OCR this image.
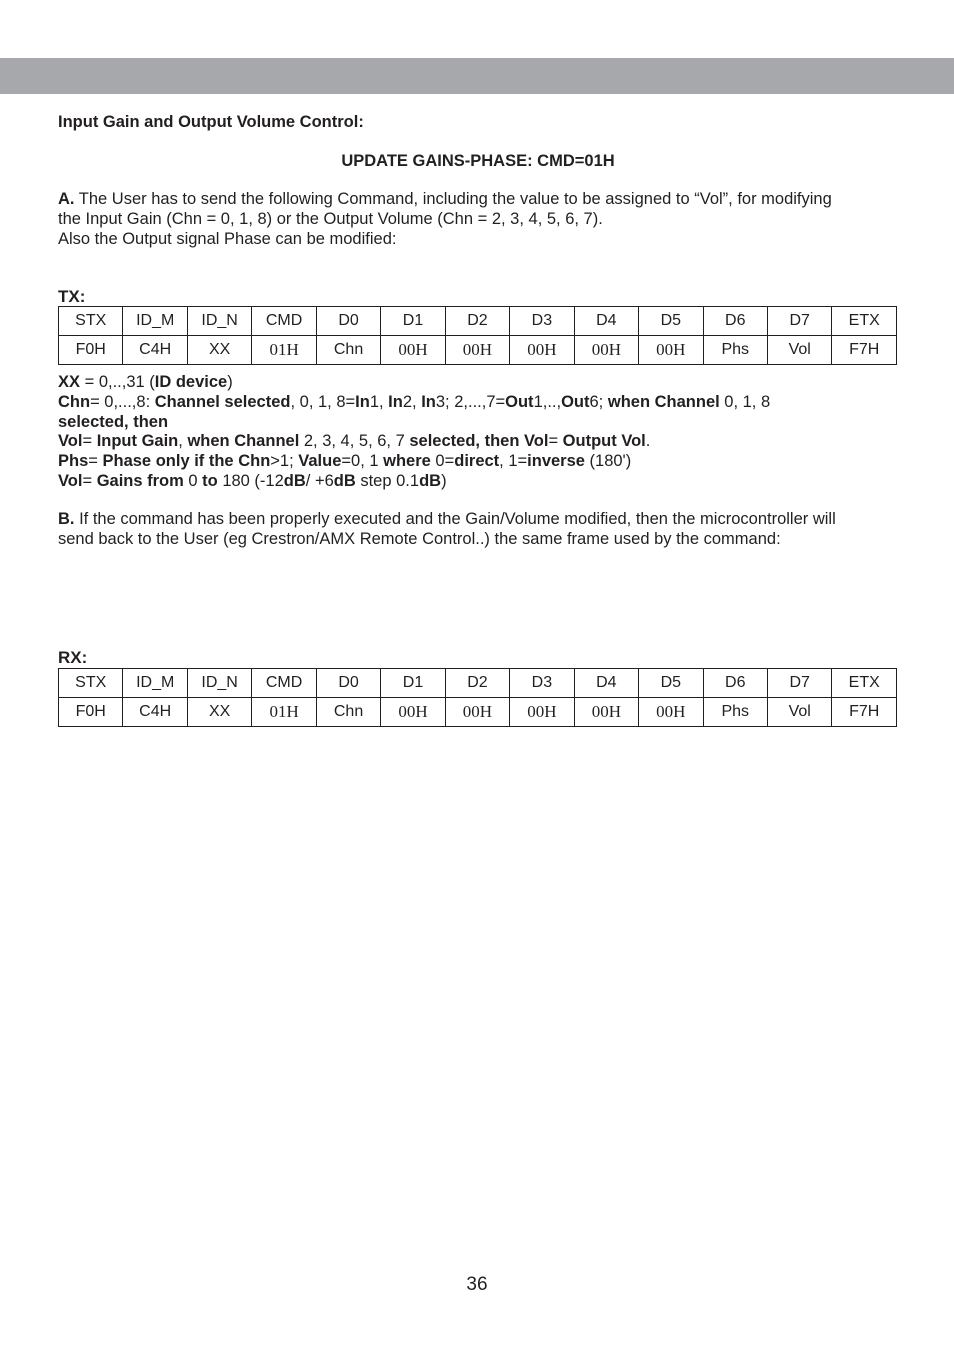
Input Gain and Output Volume Control:

UPDATE GAINS-PHASE: CMD=01H

A. The User has to send the following Command, including the value to be assigned to “Vol”, for modifying

the Input Gain (Chn = 0, 1, 8) or the Output Volume (Chn = 2, 3, 4, 5, 6, 7).

Also the Output signal Phase can be modified:

TX:

STX	ID_M	ID_N	CMD	D0	D1	D2	D3	D4	D5	D6	D7	ETX
F0H	C4H	XX	01H	Chn	00H	00H	00H	00H	00H	Phs	Vol	F7H

XX = 0,..,31 (ID device)

Chn= 0,...,8: Channel selected, 0, 1, 8=In1, In2, In3; 2,...,7=Out1,..,Out6; when Channel 0, 1, 8

selected, then

Vol= Input Gain, when Channel 2, 3, 4, 5, 6, 7 selected, then Vol= Output Vol.

Phs= Phase only if the Chn>1; Value=0, 1 where 0=direct, 1=inverse (180')

Vol= Gains from 0 to 180 (-12dB/ +6dB step 0.1dB)

B. If the command has been properly executed and the Gain/Volume modified, then the microcontroller will

send back to the User (eg Crestron/AMX Remote Control..) the same frame used by the command:

RX:

STX	ID_M	ID_N	CMD	D0	D1	D2	D3	D4	D5	D6	D7	ETX
F0H	C4H	XX	01H	Chn	00H	00H	00H	00H	00H	Phs	Vol	F7H
36
